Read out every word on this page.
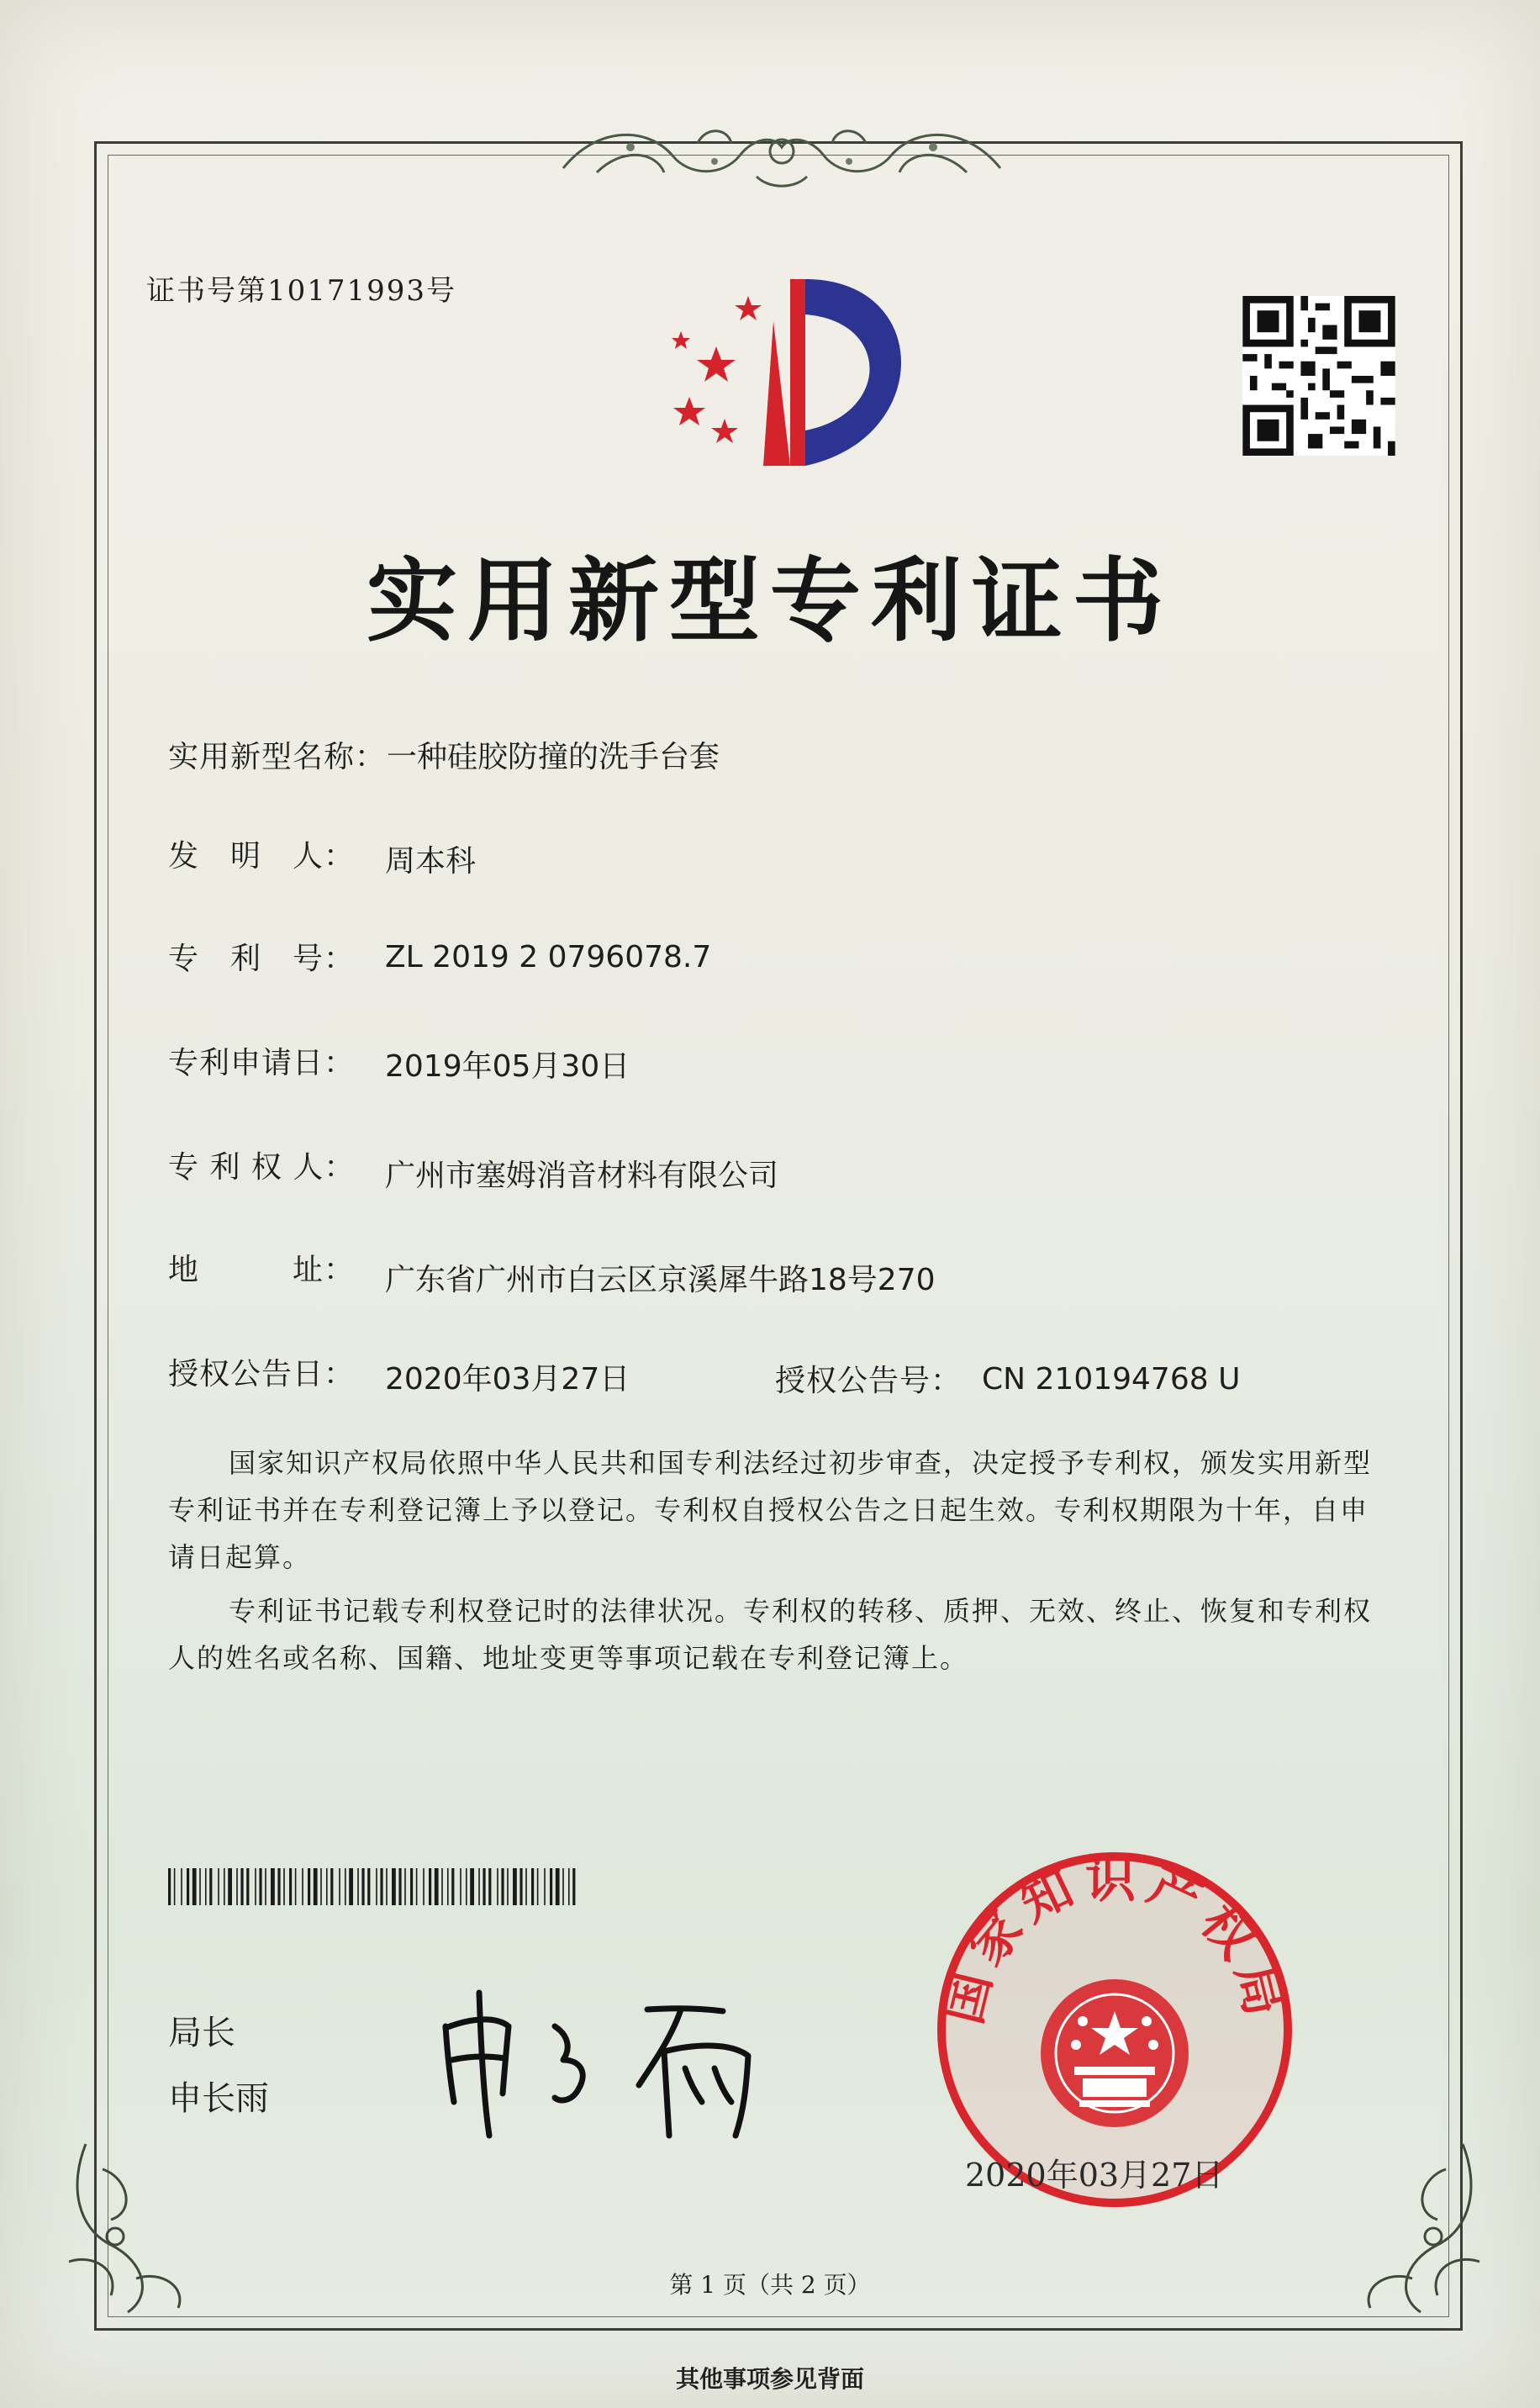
证书号第10171993号
实用新型专利证书
实用新型名称： 一种硅胶防撞的洗手台套
发　明　人： 周本科
专　利　号： ZL 2019 2 0796078.7
专利申请日： 2019年05月30日
专 利 权 人： 广州市塞姆消音材料有限公司
地　　　址： 广东省广州市白云区京溪犀牛路18号270
授权公告日： 2020年03月27日	授权公告号： CN 210194768 U
国家知识产权局依照中华人民共和国专利法经过初步审查，决定授予专利权，颁发实用新型专利证书并在专利登记簿上予以登记。专利权自授权公告之日起生效。专利权期限为十年，自申请日起算。
专利证书记载专利权登记时的法律状况。专利权的转移、质押、无效、终止、恢复和专利权人的姓名或名称、国籍、地址变更等事项记载在专利登记簿上。
局长
申长雨
国家知识产权局
2020年03月27日
第 1 页（共 2 页）
其他事项参见背面
